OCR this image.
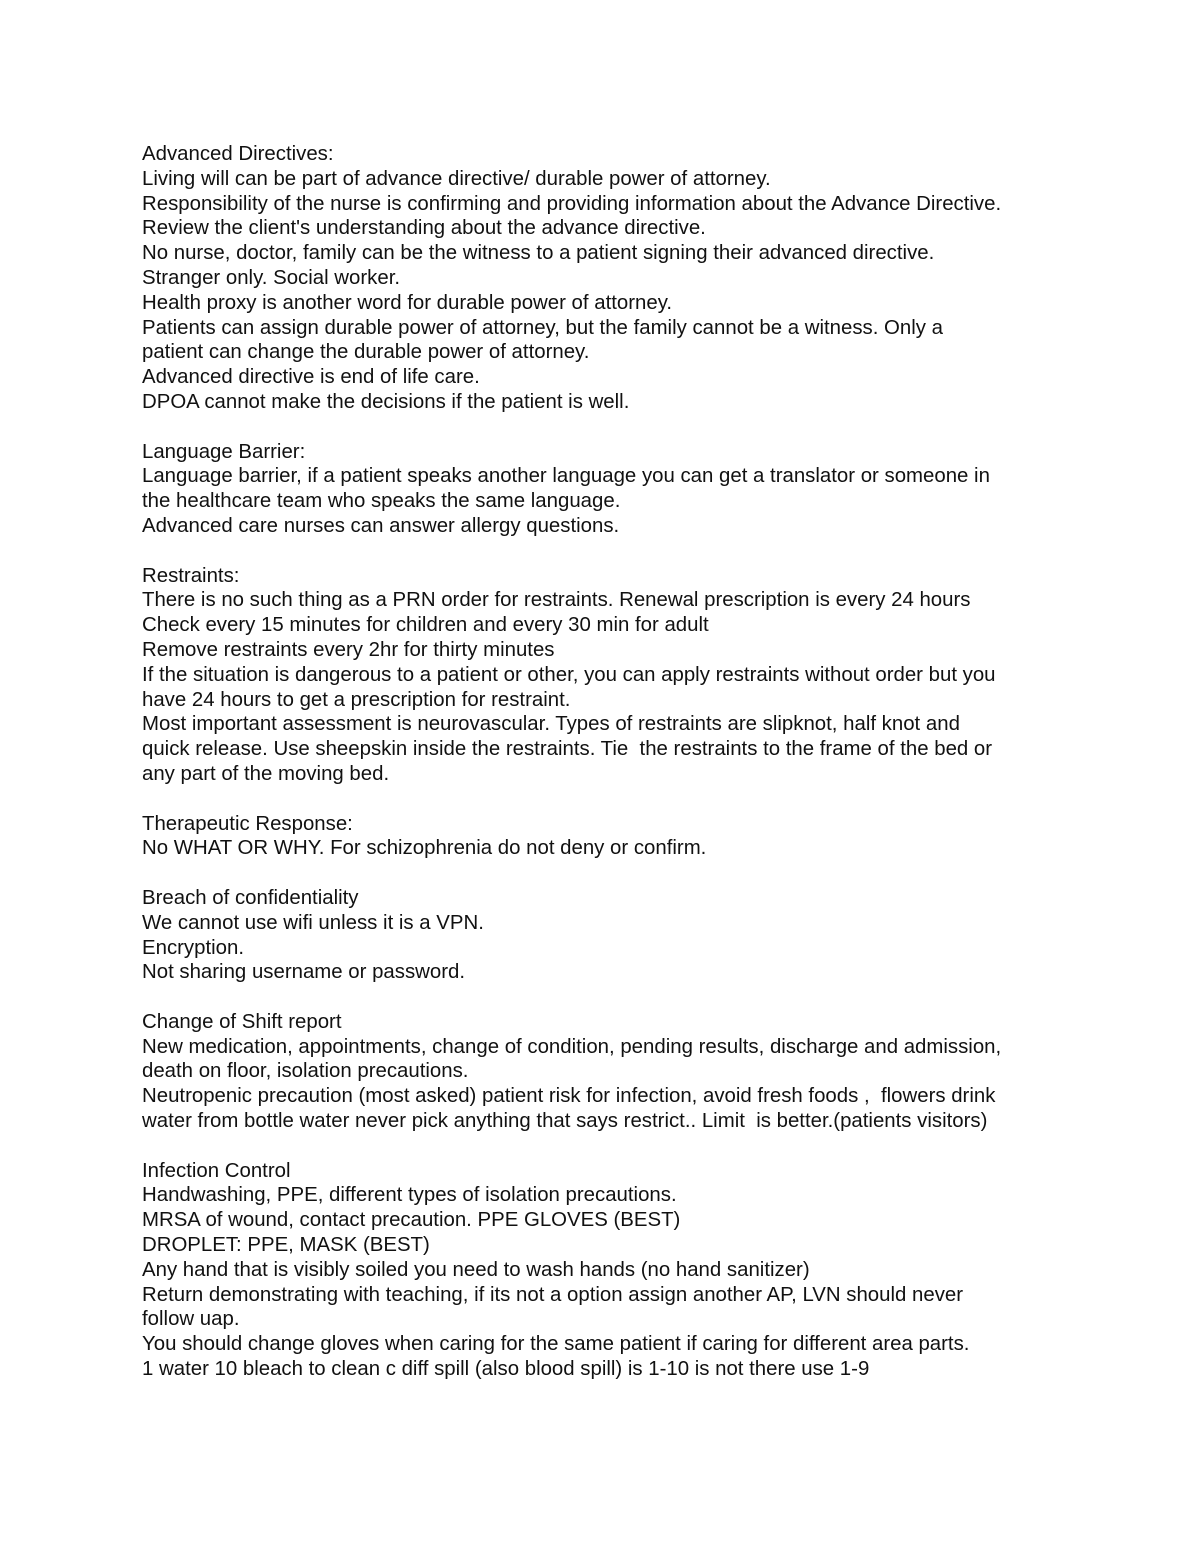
Advanced Directives:
Living will can be part of advance directive/ durable power of attorney.
Responsibility of the nurse is confirming and providing information about the Advance Directive.
Review the client's understanding about the advance directive.
No nurse, doctor, family can be the witness to a patient signing their advanced directive.
Stranger only. Social worker.
Health proxy is another word for durable power of attorney.
Patients can assign durable power of attorney, but the family cannot be a witness. Only a
patient can change the durable power of attorney.
Advanced directive is end of life care.
DPOA cannot make the decisions if the patient is well.
Language Barrier:
Language barrier, if a patient speaks another language you can get a translator or someone in
the healthcare team who speaks the same language.
Advanced care nurses can answer allergy questions.
Restraints:
There is no such thing as a PRN order for restraints. Renewal prescription is every 24 hours
Check every 15 minutes for children and every 30 min for adult
Remove restraints every 2hr for thirty minutes
If the situation is dangerous to a patient or other, you can apply restraints without order but you
have 24 hours to get a prescription for restraint.
Most important assessment is neurovascular. Types of restraints are slipknot, half knot and
quick release. Use sheepskin inside the restraints. Tie  the restraints to the frame of the bed or
any part of the moving bed.
Therapeutic Response:
No WHAT OR WHY. For schizophrenia do not deny or confirm.
Breach of confidentiality
We cannot use wifi unless it is a VPN.
Encryption.
Not sharing username or password.
Change of Shift report
New medication, appointments, change of condition, pending results, discharge and admission,
death on floor, isolation precautions.
Neutropenic precaution (most asked) patient risk for infection, avoid fresh foods ,  flowers drink
water from bottle water never pick anything that says restrict.. Limit  is better.(patients visitors)
Infection Control
Handwashing, PPE, different types of isolation precautions.
MRSA of wound, contact precaution. PPE GLOVES (BEST)
DROPLET: PPE, MASK (BEST)
Any hand that is visibly soiled you need to wash hands (no hand sanitizer)
Return demonstrating with teaching, if its not a option assign another AP, LVN should never
follow uap.
You should change gloves when caring for the same patient if caring for different area parts.
1 water 10 bleach to clean c diff spill (also blood spill) is 1-10 is not there use 1-9
